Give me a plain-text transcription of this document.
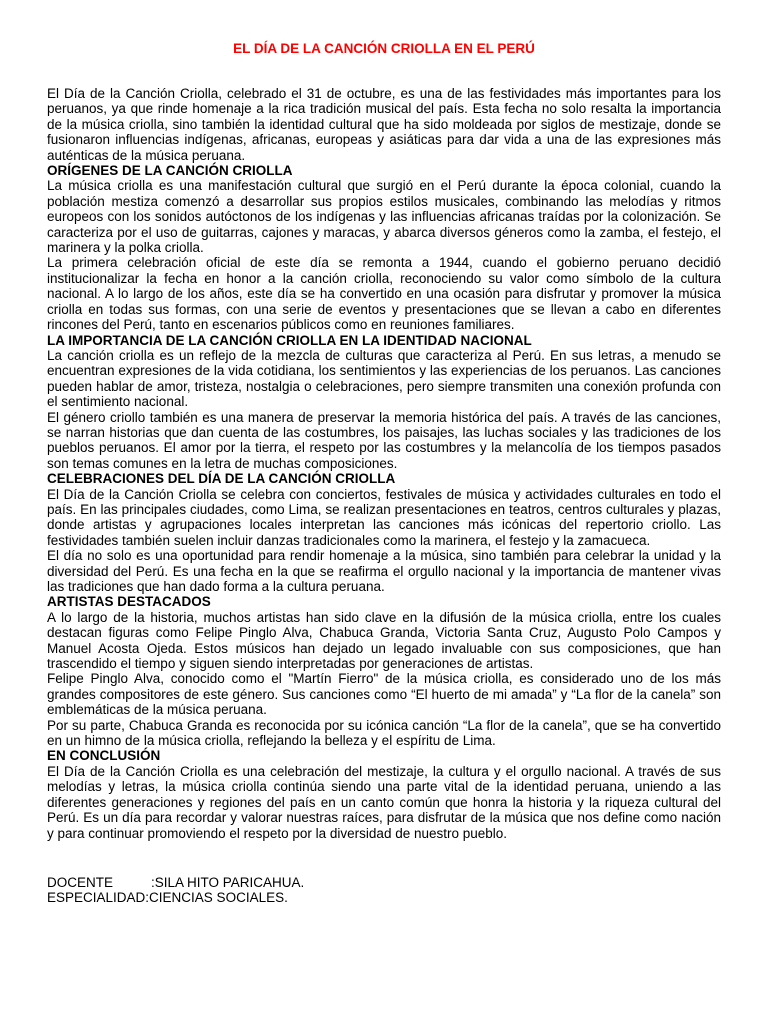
EL DÍA DE LA CANCIÓN CRIOLLA EN EL PERÚ

El Día de la Canción Criolla, celebrado el 31 de octubre, es una de las festividades más importantes para los peruanos, ya que rinde homenaje a la rica tradición musical del país. Esta fecha no solo resalta la importancia de la música criolla, sino también la identidad cultural que ha sido moldeada por siglos de mestizaje, donde se fusionaron influencias indígenas, africanas, europeas y asiáticas para dar vida a una de las expresiones más auténticas de la música peruana.

ORÍGENES DE LA CANCIÓN CRIOLLA

La música criolla es una manifestación cultural que surgió en el Perú durante la época colonial, cuando la población mestiza comenzó a desarrollar sus propios estilos musicales, combinando las melodías y ritmos europeos con los sonidos autóctonos de los indígenas y las influencias africanas traídas por la colonización. Se caracteriza por el uso de guitarras, cajones y maracas, y abarca diversos géneros como la zamba, el festejo, el marinera y la polka criolla.

La primera celebración oficial de este día se remonta a 1944, cuando el gobierno peruano decidió institucionalizar la fecha en honor a la canción criolla, reconociendo su valor como símbolo de la cultura nacional. A lo largo de los años, este día se ha convertido en una ocasión para disfrutar y promover la música criolla en todas sus formas, con una serie de eventos y presentaciones que se llevan a cabo en diferentes rincones del Perú, tanto en escenarios públicos como en reuniones familiares.

LA IMPORTANCIA DE LA CANCIÓN CRIOLLA EN LA IDENTIDAD NACIONAL

La canción criolla es un reflejo de la mezcla de culturas que caracteriza al Perú. En sus letras, a menudo se encuentran expresiones de la vida cotidiana, los sentimientos y las experiencias de los peruanos. Las canciones pueden hablar de amor, tristeza, nostalgia o celebraciones, pero siempre transmiten una conexión profunda con el sentimiento nacional.

El género criollo también es una manera de preservar la memoria histórica del país. A través de las canciones, se narran historias que dan cuenta de las costumbres, los paisajes, las luchas sociales y las tradiciones de los pueblos peruanos. El amor por la tierra, el respeto por las costumbres y la melancolía de los tiempos pasados son temas comunes en la letra de muchas composiciones.

CELEBRACIONES DEL DÍA DE LA CANCIÓN CRIOLLA

El Día de la Canción Criolla se celebra con conciertos, festivales de música y actividades culturales en todo el país. En las principales ciudades, como Lima, se realizan presentaciones en teatros, centros culturales y plazas, donde artistas y agrupaciones locales interpretan las canciones más icónicas del repertorio criollo. Las festividades también suelen incluir danzas tradicionales como la marinera, el festejo y la zamacueca.

El día no solo es una oportunidad para rendir homenaje a la música, sino también para celebrar la unidad y la diversidad del Perú. Es una fecha en la que se reafirma el orgullo nacional y la importancia de mantener vivas las tradiciones que han dado forma a la cultura peruana.

ARTISTAS DESTACADOS

A lo largo de la historia, muchos artistas han sido clave en la difusión de la música criolla, entre los cuales destacan figuras como Felipe Pinglo Alva, Chabuca Granda, Victoria Santa Cruz, Augusto Polo Campos y Manuel Acosta Ojeda. Estos músicos han dejado un legado invaluable con sus composiciones, que han trascendido el tiempo y siguen siendo interpretadas por generaciones de artistas.

Felipe Pinglo Alva, conocido como el "Martín Fierro" de la música criolla, es considerado uno de los más grandes compositores de este género. Sus canciones como “El huerto de mi amada” y “La flor de la canela” son emblemáticas de la música peruana.

Por su parte, Chabuca Granda es reconocida por su icónica canción “La flor de la canela”, que se ha convertido en un himno de la música criolla, reflejando la belleza y el espíritu de Lima.

EN CONCLUSIÓN

El Día de la Canción Criolla es una celebración del mestizaje, la cultura y el orgullo nacional. A través de sus melodías y letras, la música criolla continúa siendo una parte vital de la identidad peruana, uniendo a las diferentes generaciones y regiones del país en un canto común que honra la historia y la riqueza cultural del Perú. Es un día para recordar y valorar nuestras raíces, para disfrutar de la música que nos define como nación y para continuar promoviendo el respeto por la diversidad de nuestro pueblo.

DOCENTE	:SILA HITO PARICAHUA.
ESPECIALIDAD :CIENCIAS SOCIALES.
